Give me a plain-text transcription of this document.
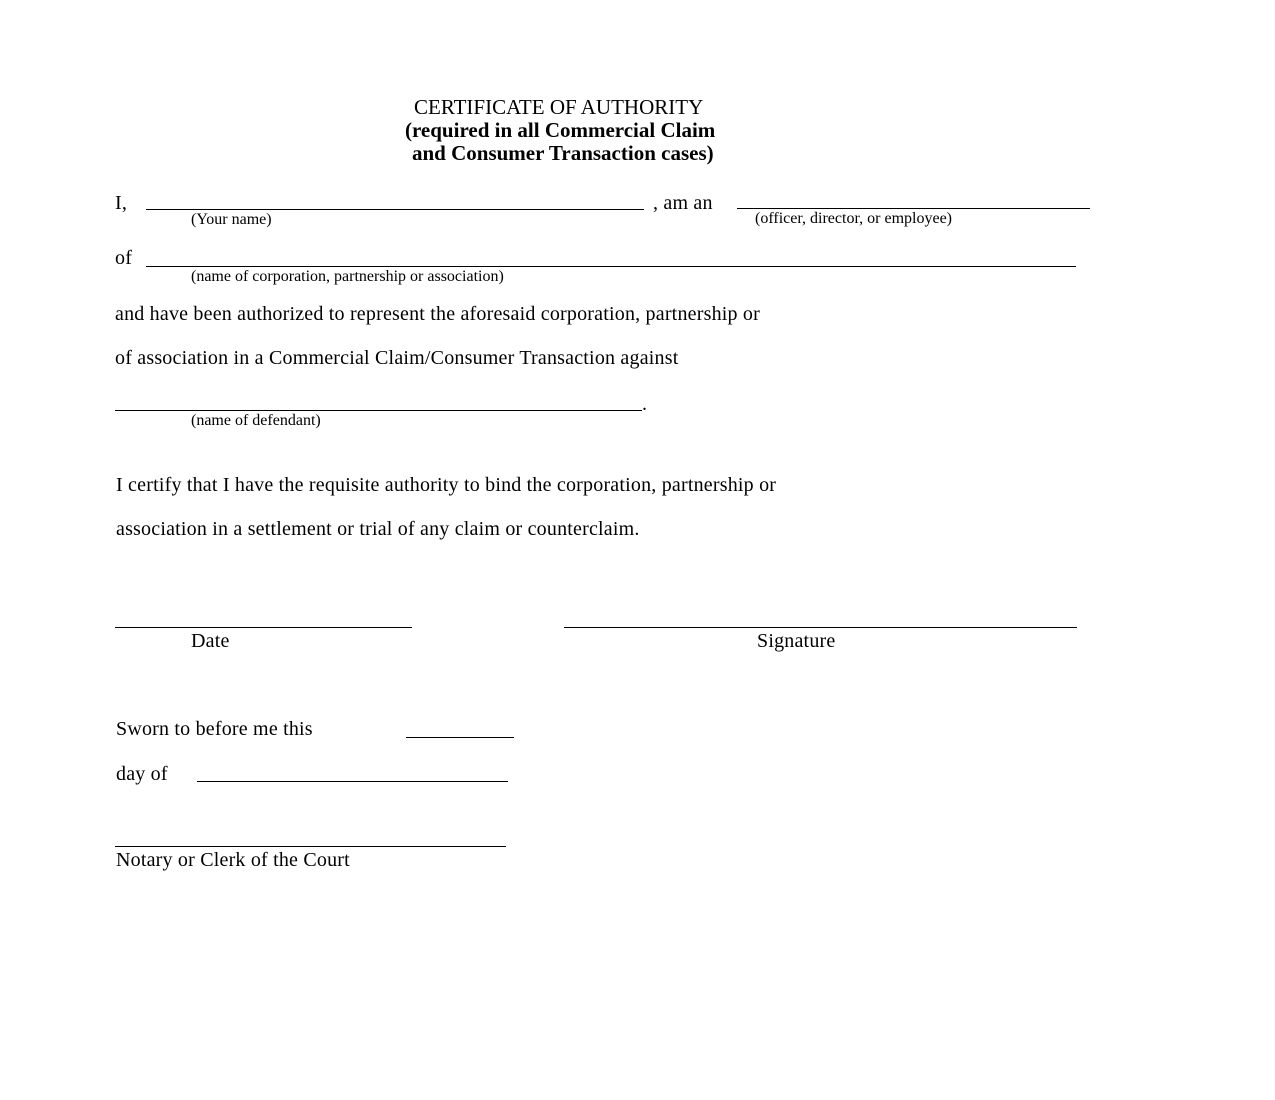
CERTIFICATE OF AUTHORITY
(required in all Commercial Claim
and Consumer Transaction cases)
I,	, am an
(Your name)	(officer, director, or employee)
of
(name of corporation, partnership or association)
and have been authorized to represent the aforesaid corporation, partnership or
of association in a Commercial Claim/Consumer Transaction against
.
(name of defendant)
I certify that I have the requisite authority to bind the corporation, partnership or
association in a settlement or trial of any claim or counterclaim.
Date	Signature
Sworn to before me this
day of
Notary or Clerk of the Court
